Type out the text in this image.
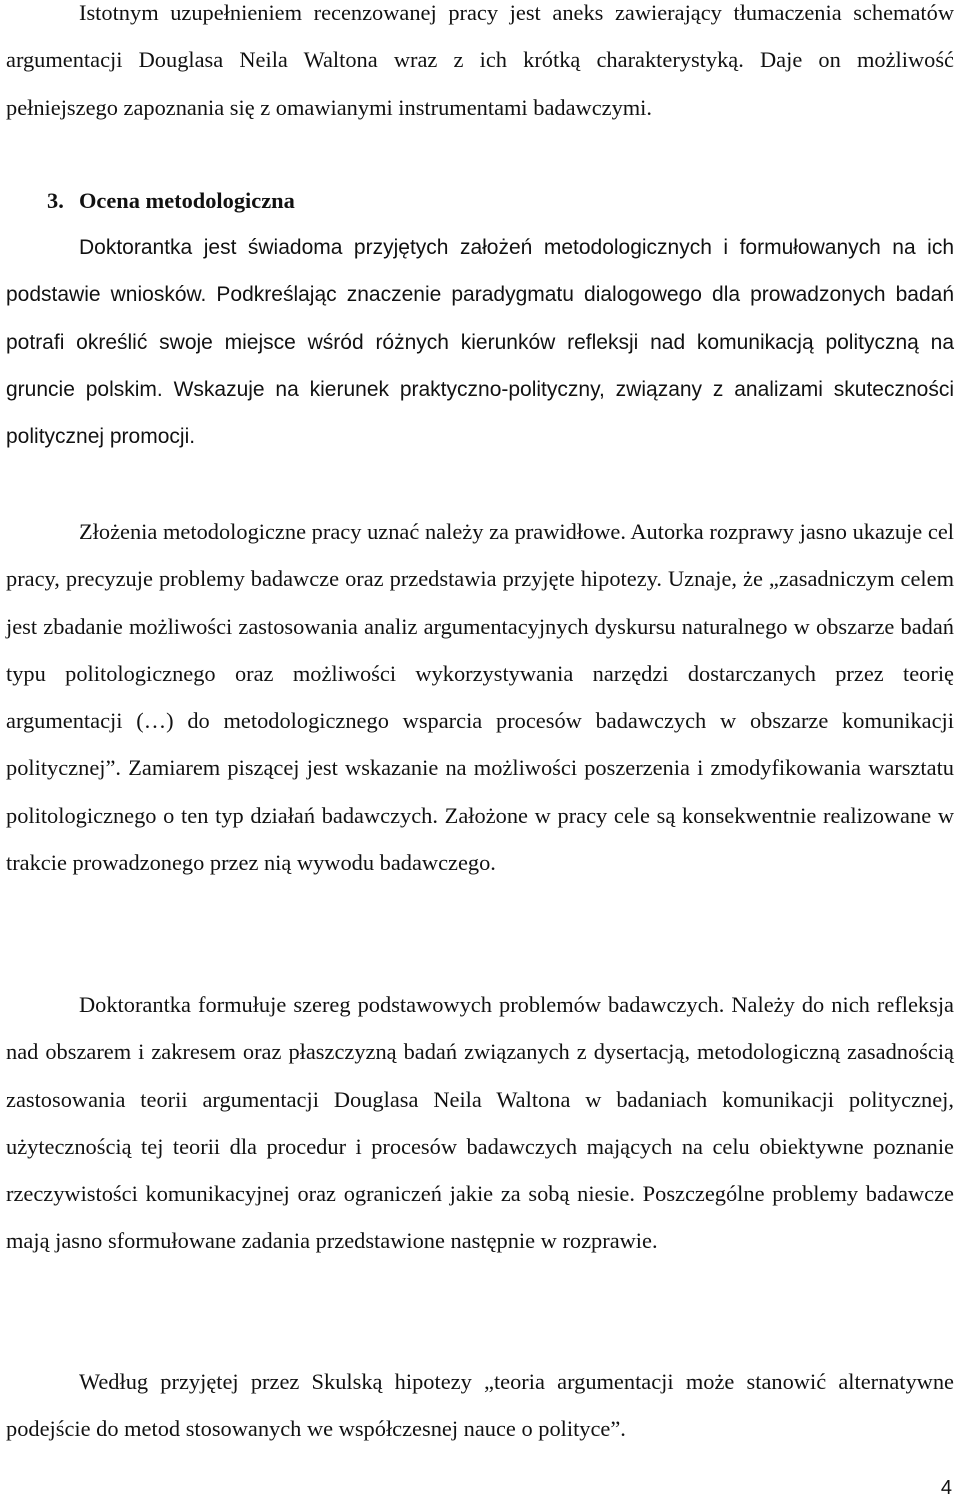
Istotnym uzupełnieniem recenzowanej pracy jest aneks zawierający tłumaczenia schematów argumentacji Douglasa Neila Waltona wraz z ich krótką charakterystyką. Daje on możliwość pełniejszego zapoznania się z omawianymi instrumentami badawczymi.

3. Ocena metodologiczna

Doktorantka jest świadoma przyjętych założeń metodologicznych i formułowanych na ich podstawie wniosków. Podkreślając znaczenie paradygmatu dialogowego dla prowadzonych badań potrafi określić swoje miejsce wśród różnych kierunków refleksji nad komunikacją polityczną na gruncie polskim. Wskazuje na kierunek praktyczno-polityczny, związany z analizami skuteczności politycznej promocji.

Złożenia metodologiczne pracy uznać należy za prawidłowe. Autorka rozprawy jasno ukazuje cel pracy, precyzuje problemy badawcze oraz przedstawia przyjęte hipotezy. Uznaje, że „zasadniczym celem jest zbadanie możliwości zastosowania analiz argumentacyjnych dyskursu naturalnego w obszarze badań typu politologicznego oraz możliwości wykorzystywania narzędzi dostarczanych przez teorię argumentacji (…) do metodologicznego wsparcia procesów badawczych w obszarze komunikacji politycznej”. Zamiarem piszącej jest wskazanie na możliwości poszerzenia i zmodyfikowania warsztatu politologicznego o ten typ działań badawczych. Założone w pracy cele są konsekwentnie realizowane w trakcie prowadzonego przez nią wywodu badawczego.

Doktorantka formułuje szereg podstawowych problemów badawczych. Należy do nich refleksja nad obszarem i zakresem oraz płaszczyzną badań związanych z dysertacją, metodologiczną zasadnością zastosowania teorii argumentacji Douglasa Neila Waltona w badaniach komunikacji politycznej, użytecznością tej teorii dla procedur i procesów badawczych mających na celu obiektywne poznanie rzeczywistości komunikacyjnej oraz ograniczeń jakie za sobą niesie. Poszczególne problemy badawcze mają jasno sformułowane zadania przedstawione następnie w rozprawie.

Według przyjętej przez Skulską hipotezy „teoria argumentacji może stanowić alternatywne podejście do metod stosowanych we współczesnej nauce o polityce”.

4
